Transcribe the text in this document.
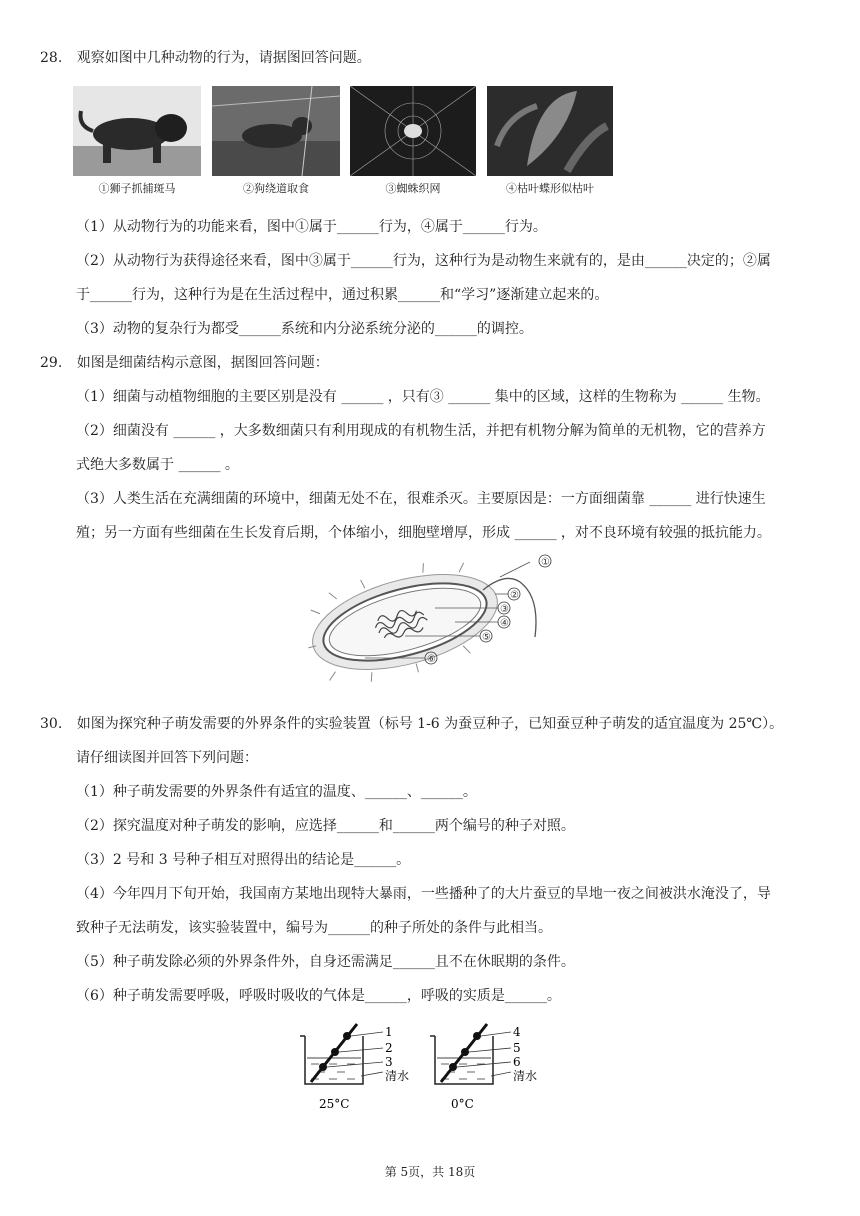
28. 观察如图中几种动物的行为，请据图回答问题。
①狮子抓捕斑马	②狗绕道取食	③蜘蛛织网	④枯叶蝶形似枯叶
（1）从动物行为的功能来看，图中①属于______行为，④属于______行为。
（2）从动物行为获得途径来看，图中③属于______行为，这种行为是动物生来就有的，是由______决定的；②属
于______行为，这种行为是在生活过程中，通过积累______和“学习”逐渐建立起来的。
（3）动物的复杂行为都受______系统和内分泌系统分泌的______的调控。
29. 如图是细菌结构示意图，据图回答问题：
（1）细菌与动植物细胞的主要区别是没有 ______ ，只有③ ______ 集中的区域，这样的生物称为 ______ 生物。
（2）细菌没有 ______ ，大多数细菌只有利用现成的有机物生活，并把有机物分解为简单的无机物，它的营养方
式绝大多数属于 ______ 。
（3）人类生活在充满细菌的环境中，细菌无处不在，很难杀灭。主要原因是：一方面细菌靠 ______ 进行快速生
殖；另一方面有些细菌在生长发育后期，个体缩小，细胞壁增厚，形成 ______ ，对不良环境有较强的抵抗能力。
①
②
③
④
⑤
⑥
30. 如图为探究种子萌发需要的外界条件的实验装置（标号 1-6 为蚕豆种子，已知蚕豆种子萌发的适宜温度为 25℃）。
请仔细读图并回答下列问题：
（1）种子萌发需要的外界条件有适宜的温度、______、______。
（2）探究温度对种子萌发的影响，应选择______和______两个编号的种子对照。
（3）2 号和 3 号种子相互对照得出的结论是______。
（4）今年四月下旬开始，我国南方某地出现特大暴雨，一些播种了的大片蚕豆的旱地一夜之间被洪水淹没了，导
致种子无法萌发，该实验装置中，编号为______的种子所处的条件与此相当。
（5）种子萌发除必须的外界条件外，自身还需满足______且不在休眠期的条件。
（6）种子萌发需要呼吸，呼吸时吸收的气体是______，呼吸的实质是______。
1
2
3
清水
25°C
4
5
6
清水
0°C
第 5页，共 18页
